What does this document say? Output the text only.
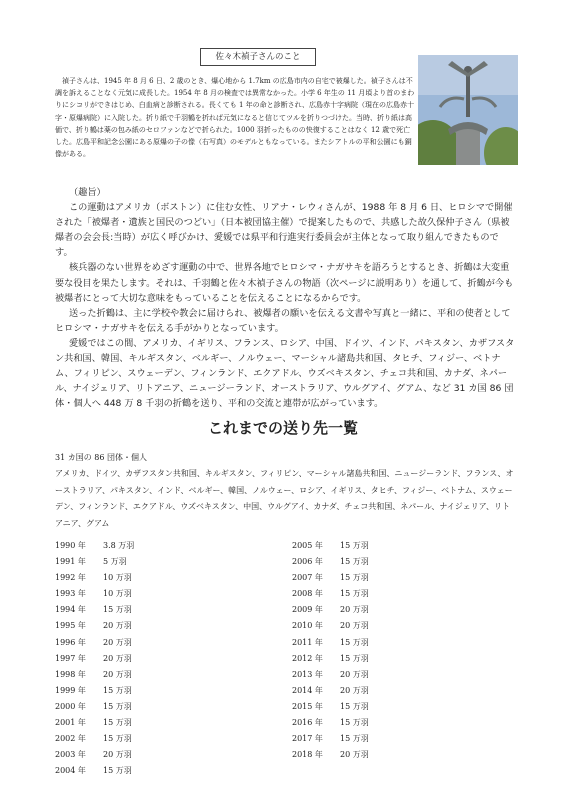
佐々木禎子さんのこと

禎子さんは、1945 年 8 月 6 日、2 歳のとき、爆心地から 1.7km の広島市内の自宅で被爆した。禎子さんは不調を訴えることなく元気に成長した。1954 年 8 月の検査では異常なかった。小学 6 年生の 11 月頃より首のまわりにシコリができはじめ、白血病と診断される。長くても 1 年の命と診断され、広島赤十字病院（現在の広島赤十字・原爆病院）に入院した。折り紙で千羽鶴を折れば元気になると信じてツルを折りつづけた。当時、折り紙は高価で、折り鶴は薬の包み紙のセロファンなどで折られた。1000 羽折ったものの快復することはなく 12 歳で死亡した。広島平和記念公園にある原爆の子の像（右写真）のモデルともなっている。またシアトルの平和公園にも銅像がある。

（趣旨）

この運動はアメリカ（ボストン）に住む女性、リアナ・レウィさんが、1988 年 8 月 6 日、ヒロシマで開催された「被爆者・遺族と国民のつどい」（日本被団協主催）で提案したもので、共感した故久保仲子さん（県被爆者の会会長:当時）が広く呼びかけ、愛媛では県平和行進実行委員会が主体となって取り組んできたものです。

核兵器のない世界をめざす運動の中で、世界各地でヒロシマ・ナガサキを語ろうとするとき、折鶴は大変重要な役目を果たします。それは、千羽鶴と佐々木禎子さんの物語（次ページに説明あり）を通して、折鶴が今も被爆者にとって大切な意味をもっていることを伝えることになるからです。

送った折鶴は、主に学校や教会に届けられ、被爆者の願いを伝える文書や写真と一緒に、平和の使者としてヒロシマ・ナガサキを伝える手がかりとなっています。

愛媛ではこの間、アメリカ、イギリス、フランス、ロシア、中国、ドイツ、インド、パキスタン、カザフスタン共和国、韓国、キルギスタン、ベルギー、ノルウェー、マーシャル諸島共和国、タヒチ、フィジー、ベトナム、フィリピン、スウェーデン、フィンランド、エクアドル、ウズベキスタン、チェコ共和国、カナダ、ネパール、ナイジェリア、リトアニア、ニュージーランド、オーストラリア、ウルグアイ、グアム、など 31 カ国 86 団体・個人へ 448 万 8 千羽の折鶴を送り、平和の交流と連帯が広がっています。

これまでの送り先一覧

31 カ国の 86 団体・個人

アメリカ、ドイツ、カザフスタン共和国、キルギスタン、フィリピン、マーシャル諸島共和国、ニュージーランド、フランス、オーストラリア、パキスタン、インド、ベルギー、韓国、ノルウェー、ロシア、イギリス、タヒチ、フィジー、ベトナム、スウェーデン、フィンランド、エクアドル、ウズベキスタン、中国、ウルグアイ、カナダ、チェコ共和国、ネパール、ナイジェリア、リトアニア、グアム

1990 年 3.8 万羽
1991 年 5 万羽
1992 年 10 万羽
1993 年 10 万羽
1994 年 15 万羽
1995 年 20 万羽
1996 年 20 万羽
1997 年 20 万羽
1998 年 20 万羽
1999 年 15 万羽
2000 年 15 万羽
2001 年 15 万羽
2002 年 15 万羽
2003 年 20 万羽
2004 年 15 万羽
2005 年 15 万羽
2006 年 15 万羽
2007 年 15 万羽
2008 年 15 万羽
2009 年 20 万羽
2010 年 20 万羽
2011 年 15 万羽
2012 年 15 万羽
2013 年 20 万羽
2014 年 20 万羽
2015 年 15 万羽
2016 年 15 万羽
2017 年 15 万羽
2018 年 20 万羽
